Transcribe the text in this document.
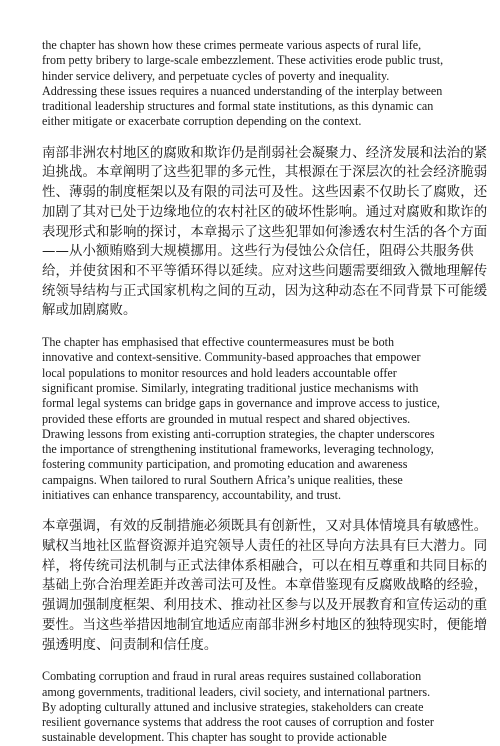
the chapter has shown how these crimes permeate various aspects of rural life,
from petty bribery to large-scale embezzlement. These activities erode public trust,
hinder service delivery, and perpetuate cycles of poverty and inequality.
Addressing these issues requires a nuanced understanding of the interplay between
traditional leadership structures and formal state institutions, as this dynamic can
either mitigate or exacerbate corruption depending on the context.

南部非洲农村地区的腐败和欺诈仍是削弱社会凝聚力、经济发展和法治的紧
迫挑战。本章阐明了这些犯罪的多元性，其根源在于深层次的社会经济脆弱
性、薄弱的制度框架以及有限的司法可及性。这些因素不仅助长了腐败，还
加剧了其对已处于边缘地位的农村社区的破坏性影响。通过对腐败和欺诈的
表现形式和影响的探讨，本章揭示了这些犯罪如何渗透农村生活的各个方面
——从小额贿赂到大规模挪用。这些行为侵蚀公众信任，阻碍公共服务供
给，并使贫困和不平等循环得以延续。应对这些问题需要细致入微地理解传
统领导结构与正式国家机构之间的互动，因为这种动态在不同背景下可能缓
解或加剧腐败。

The chapter has emphasised that effective countermeasures must be both
innovative and context-sensitive. Community-based approaches that empower
local populations to monitor resources and hold leaders accountable offer
significant promise. Similarly, integrating traditional justice mechanisms with
formal legal systems can bridge gaps in governance and improve access to justice,
provided these efforts are grounded in mutual respect and shared objectives.
Drawing lessons from existing anti-corruption strategies, the chapter underscores
the importance of strengthening institutional frameworks, leveraging technology,
fostering community participation, and promoting education and awareness
campaigns. When tailored to rural Southern Africa’s unique realities, these
initiatives can enhance transparency, accountability, and trust.

本章强调，有效的反制措施必须既具有创新性，又对具体情境具有敏感性。
赋权当地社区监督资源并追究领导人责任的社区导向方法具有巨大潜力。同
样，将传统司法机制与正式法律体系相融合，可以在相互尊重和共同目标的
基础上弥合治理差距并改善司法可及性。本章借鉴现有反腐败战略的经验，
强调加强制度框架、利用技术、推动社区参与以及开展教育和宣传运动的重
要性。当这些举措因地制宜地适应南部非洲乡村地区的独特现实时，便能增
强透明度、问责制和信任度。

Combating corruption and fraud in rural areas requires sustained collaboration
among governments, traditional leaders, civil society, and international partners.
By adopting culturally attuned and inclusive strategies, stakeholders can create
resilient governance systems that address the root causes of corruption and foster
sustainable development. This chapter has sought to provide actionable
